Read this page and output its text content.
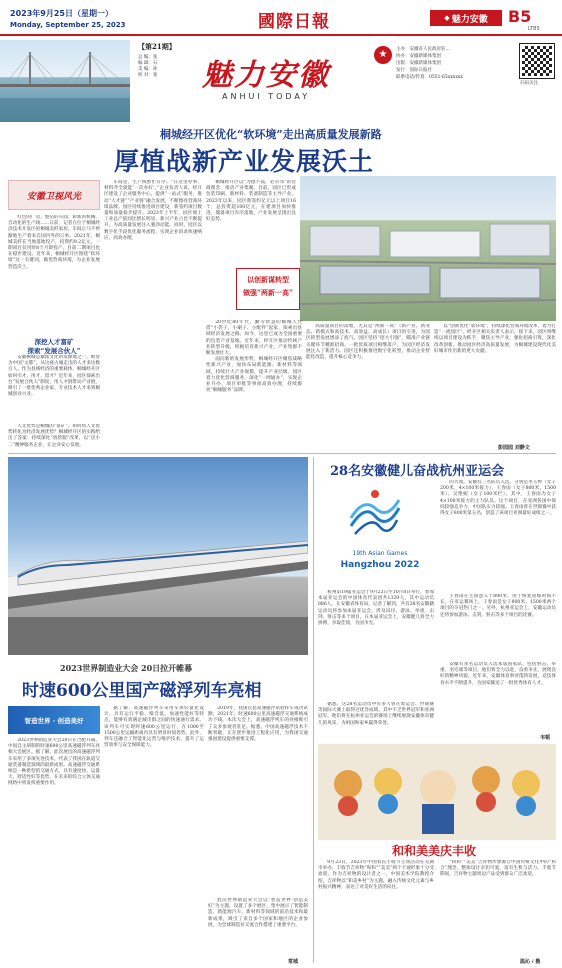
2023年9月25日（星期一）
Monday, September 25, 2023	國際日報	◆ 魅力安徽 B5
LTB5
【第21期】
总 编：张
编 辑：石
美 编：孙
校 对：张	魅力安徽
ANHUI TODAY
★	主办：安徽省人民政府驻...
协办：安徽新媒体集团
出版：安徽新媒体集团
发行：国际日报社
联系电话/传真：0551-65xxxxxx
扫码关注
桐城经开区优化“软环境”走出高质量发展新路
厚植战新产业发展沃土
安徽卫视风光

红色的厂房、整洁的车间、崭新的机械，自动化的生产线……日前，记者在位于桐城经济技术开发区的桐城美纤家居，车间正马不停蹄地生产着来自国内外的订单。2021年，桐城美纤在当地落地投产，投资约9.2亿元，一期项目仅用时8个月即投产，目前二期项目也在稳步建设。近年来，桐城经开区围绕“软环境”这一关键词，做优营商环境，为企业发展营造沃土。

深挖人才富矿
探索“发展合伙人”

安徽桐城是徽派文化的发源地之一，被誉为中国“文都”，从这座古城走出的人才多达数百人。作为县域经济的重要载体，桐城经开区如何引才、用才、留才？近年来，园区探索出台“发展合伙人”制度，用人才链带动产业链，吸引了一批优秀企业家、专业技术人才来到桐城创业兴业。

人文优势是桐城的“富矿”。如何将人文优势转化为经济发展优势？桐城经开区的实践给出了答案：持续深化“放管服”改革，以“店小二”精神服务企业，让企业安心发展。

车间里，生产线繁忙有序。“在这里办事，材料齐全就能‘一次办好’。”企业负责人说。经开区建设了企业服务中心，提供“一站式”服务，推动“人才链”“产业链”融合发展，不断擦亮营商环境品牌。园区持续推进项目建设，新签约项目数量和质量稳步提升。2023年上半年，园区规上工业总产值同比增长明显，新兴产业占比不断提升，为高质量发展注入强劲动能。同时，园区以数字化手段优化服务流程，实现企业诉求快速响应、高效办理。

桐城经开区以“为德不孤，必有邻”的营商理念，推动产业集聚。目前，园区已形成包装印刷、新材料、装备制造等主导产业。2023年以来，园区新签约亿元以上项目16个，总投资超100亿元，在建项目加快推进，储备项目有序落地，产业发展呈现出良好态势。

以创新谋转型
做强“两新一高”

20世纪80年代，勤劳智慧的桐城人凭借“小袋子、小刷子、小配件”起家，探索出县域经济发展之路。如今，这里已成为全国重要的包装产业基地。近年来，经开区推动传统产业转型升级，积极培育新兴产业，产业集群不断发展壮大。

面向新的发展形势，桐城经开区聚焦战略性新兴产业，加快布局新能源、新材料等领域，持续壮大产业规模，提升产业层级。园区着力优化营商服务，深化“一网通办”，实现企业开办、项目审批等事项高效办理，持续擦亮“桐城服务”品牌。

高质量项目的落地，尤其是“两新一高”（新产业、新业态、新模式和高技术、高效益、高成长）项目的引进，为园区转型发展增添了底气。园区坚持“招大引强”，瞄准产业链关键环节精准招商，一批优质项目相继落户，为园区经济发展注入了新活力。园区还积极推进数字化转型，推动企业智能化改造，提升核心竞争力。

以“创新优化“软环境”，持续深化营商环境改革，着力打造“一流园区”。经开区相关负责人表示，接下来，园区将继续以项目建设为抓手，聚焦主导产业，强化招商引资，深化改革创新，推动园区经济高质量发展，为桐城建设现代化美好城市作出新的更大贡献。

彭园园 刘静文
2023世界制造业大会 20日拉开帷幕
时速600公里国产磁浮列车亮相
智造世界 · 创造美好

2023世界制造业大会20日在合肥开幕，中国自主研制的时速600公里高速磁浮列车亮相大会展区。据了解，此次展出的高速磁浮列车采用了多项先进技术，代表了我国在轨道交通装备制造领域的最新成果。高速磁浮交通系统是一种新型的交通方式，具有速度快、运量大、舒适性好等优势，在未来的综合立体交通网络中将发挥重要作用。

据了解，高速磁浮列车采用车体轻量化设计，具有运行平稳、噪音低、加速性能好等特点，能够有效满足城市群之间的快速通行需求。该列车可实现时速600公里运行，在1000至1500公里运输距离内具有明显时间优势。此外，列车还融合了智能化运营与维护技术，提升了运营效率与安全保障能力。

2019年，我国首套高速磁浮试验样车成功试跑；2021年，时速600公里高速磁浮交通系统成功下线。本次大会上，高速磁浮列车的亮相吸引了众多参观者驻足。据悉，中国高速磁浮技术不断突破，正在逐步推进工程化应用，为我国交通强国建设提供重要支撑。

此次世界制造业大会以“智造世界·创造美好”为主题，设置了多个展区，集中展示了智能制造、新能源汽车、新材料等领域的前沿技术和最新成果，吸引了来自多个国家和地区的企业参展，为全球制造业交流合作搭建了重要平台。

常城
28名安徽健儿奋战杭州亚运会
19th Asian Games
Hangzhou 2022

杭州第19届亚运会于9月23日至10月8日举行，参加本届亚运会的中国体育代表团共1329人，其中运动员886人。在安徽省体育局，记者了解到，共有28名安徽籍运动员将参加本届亚运会，涉及田径、游泳、举重、击剑、射击等多个项目。在本届亚运会上，安徽健儿将全力拼搏，争取佳绩，为国争光。

据悉，这28名运动员中有多人曾在奥运会、世锦赛等国际大赛上取得过优异成绩，其中不乏世界冠军和亚洲冠军。他们将在杭州亚运会的赛场上继续展现安徽体育健儿的风采，为祖国和家乡赢得荣誉。

的大项。安徽有三名队员入选，分别是李玉婷（女子200米、4×100米接力）、王春雨（女子800米、1500米）、吴艳妮（女子100米栏）。其中，王春雨为女子4×100米接力的主力队员。这个项目，在亚洲各国中保持较强竞争力，中国队实力较强。王春雨曾在世锦赛中获得女子800米第五名，创造了该项目亚洲最好成绩之一。

王春雨在主项意义于800米，由于恢复训练时间不长，在亚运赛场上，王春雨是女子800米、1500米两个项目的夺冠热门之一。另外，杭州亚运会上，安徽运动员还将参加游泳、击剑、射击等多个项目的比赛。

安徽有多名运动员入选本届国家队，包括射击、举重、羽毛球等项目。他们将全力以赴，奋勇争先，展现良好的精神风貌。近年来，安徽体育事业蓬勃发展，竞技体育水平不断提升，为国家输送了一批优秀体育人才。

韦韬
和和美美庆丰收

9月23日，2023年中国农民丰收节主场活动在芜湖市举办，丰收节吉祥物“和和”“美美”两个卡通形象十分受欢迎。作为吉祥物的设计者之一，中国美术学院教授介绍，吉祥物以“和美乡村”为主题，融入传统文化元素与乡村振兴精神，表达了对美好生活的向往。

“和和”“美美”吉祥物形象源自中国传统文化中的“和合”理念，整体设计亲切可爱，富有生机与活力。丰收节期间，吉祥物主题周边产品受到群众广泛欢迎。

温沁 / 摄
